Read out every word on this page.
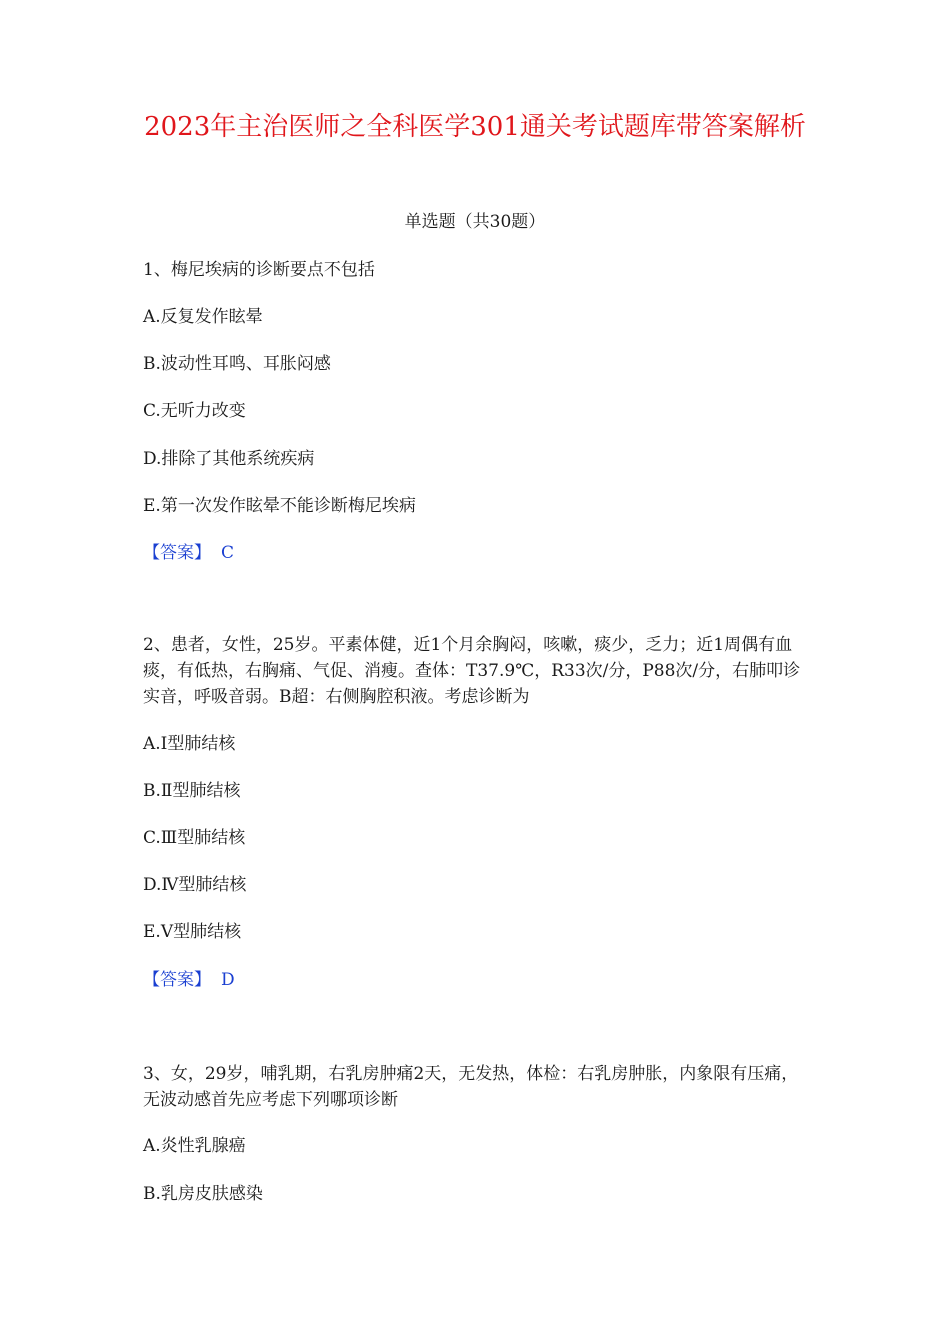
2023年主治医师之全科医学301通关考试题库带答案解析
单选题（共30题）
1、梅尼埃病的诊断要点不包括
A.反复发作眩晕
B.波动性耳鸣、耳胀闷感
C.无听力改变
D.排除了其他系统疾病
E.第一次发作眩晕不能诊断梅尼埃病
【答案】 C
2、患者，女性，25岁。平素体健，近1个月余胸闷，咳嗽，痰少，乏力；近1周偶有血痰，有低热，右胸痛、气促、消瘦。查体：T37.9℃，R33次/分，P88次/分，右肺叩诊实音，呼吸音弱。B超：右侧胸腔积液。考虑诊断为
A.Ⅰ型肺结核
B.Ⅱ型肺结核
C.Ⅲ型肺结核
D.Ⅳ型肺结核
E.Ⅴ型肺结核
【答案】 D
3、女，29岁，哺乳期，右乳房肿痛2天，无发热，体检：右乳房肿胀，内象限有压痛，无波动感首先应考虑下列哪项诊断
A.炎性乳腺癌
B.乳房皮肤感染
